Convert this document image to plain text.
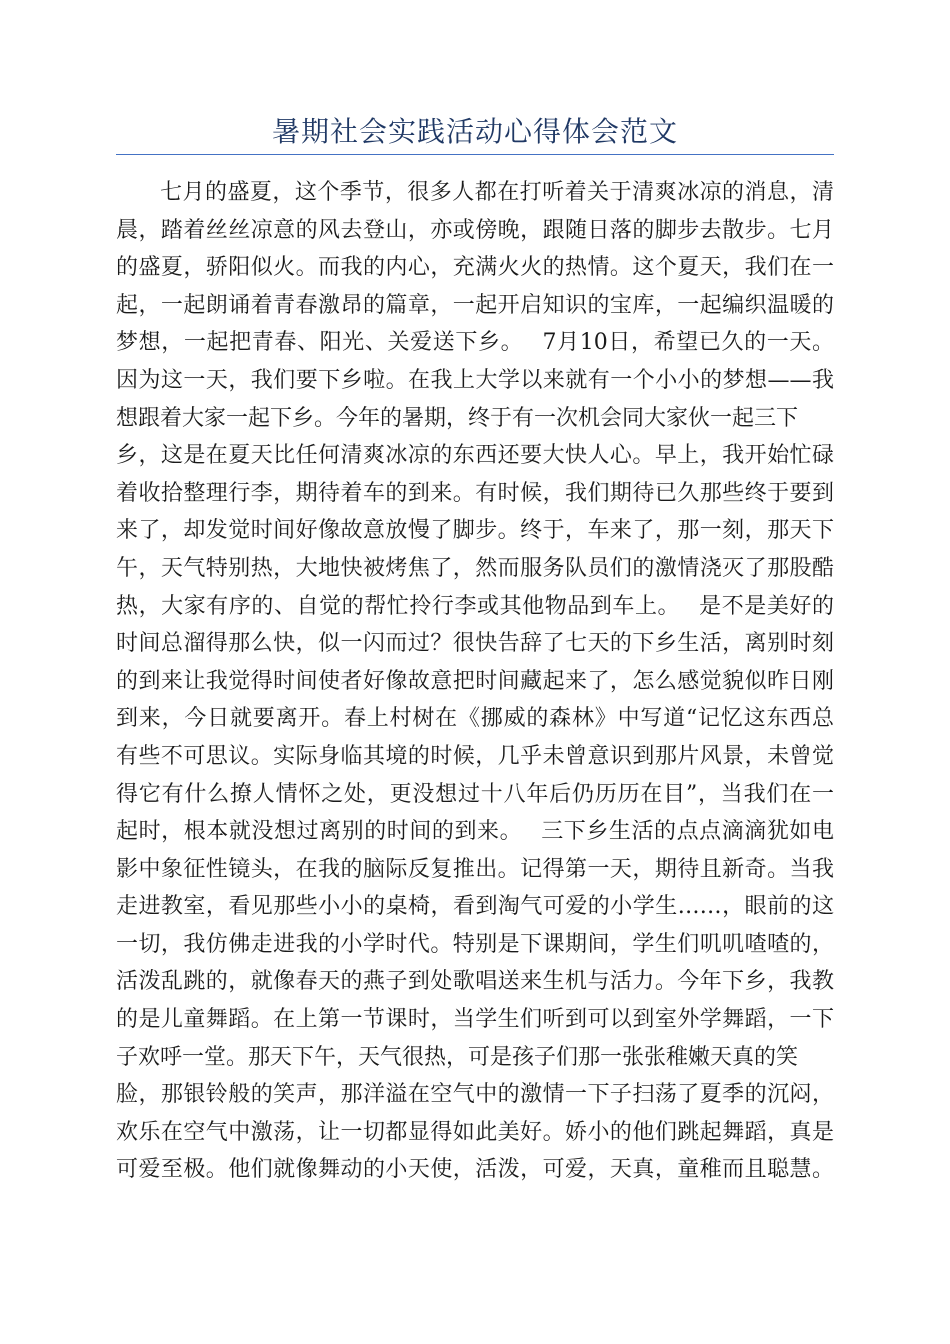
暑期社会实践活动心得体会范文
七月的盛夏，这个季节，很多人都在打听着关于清爽冰凉的消息，清
晨，踏着丝丝凉意的风去登山，亦或傍晚，跟随日落的脚步去散步。七月
的盛夏，骄阳似火。而我的内心，充满火火的热情。这个夏天，我们在一
起，一起朗诵着青春激昂的篇章，一起开启知识的宝库，一起编织温暖的
梦想，一起把青春、阳光、关爱送下乡。　 7月10日，希望已久的一天。
因为这一天，我们要下乡啦。在我上大学以来就有一个小小的梦想——我
想跟着大家一起下乡。今年的暑期，终于有一次机会同大家伙一起三下
乡，这是在夏天比任何清爽冰凉的东西还要大快人心。早上，我开始忙碌
着收拾整理行李，期待着车的到来。有时候，我们期待已久那些终于要到
来了，却发觉时间好像故意放慢了脚步。终于，车来了，那一刻，那天下
午，天气特别热，大地快被烤焦了，然而服务队员们的激情浇灭了那股酷
热，大家有序的、自觉的帮忙拎行李或其他物品到车上。　 是不是美好的
时间总溜得那么快，似一闪而过？很快告辞了七天的下乡生活，离别时刻
的到来让我觉得时间使者好像故意把时间藏起来了，怎么感觉貌似昨日刚
到来，今日就要离开。春上村树在《挪威的森林》中写道“记忆这东西总
有些不可思议。实际身临其境的时候，几乎未曾意识到那片风景，未曾觉
得它有什么撩人情怀之处，更没想过十八年后仍历历在目”，当我们在一
起时，根本就没想过离别的时间的到来。　 三下乡生活的点点滴滴犹如电
影中象征性镜头，在我的脑际反复推出。记得第一天，期待且新奇。当我
走进教室，看见那些小小的桌椅，看到淘气可爱的小学生……，眼前的这
一切，我仿佛走进我的小学时代。特别是下课期间，学生们叽叽喳喳的，
活泼乱跳的，就像春天的燕子到处歌唱送来生机与活力。今年下乡，我教
的是儿童舞蹈。在上第一节课时，当学生们听到可以到室外学舞蹈，一下
子欢呼一堂。那天下午，天气很热，可是孩子们那一张张稚嫩天真的笑
脸，那银铃般的笑声，那洋溢在空气中的激情一下子扫荡了夏季的沉闷，
欢乐在空气中激荡，让一切都显得如此美好。娇小的他们跳起舞蹈，真是
可爱至极。他们就像舞动的小天使，活泼，可爱，天真，童稚而且聪慧。
